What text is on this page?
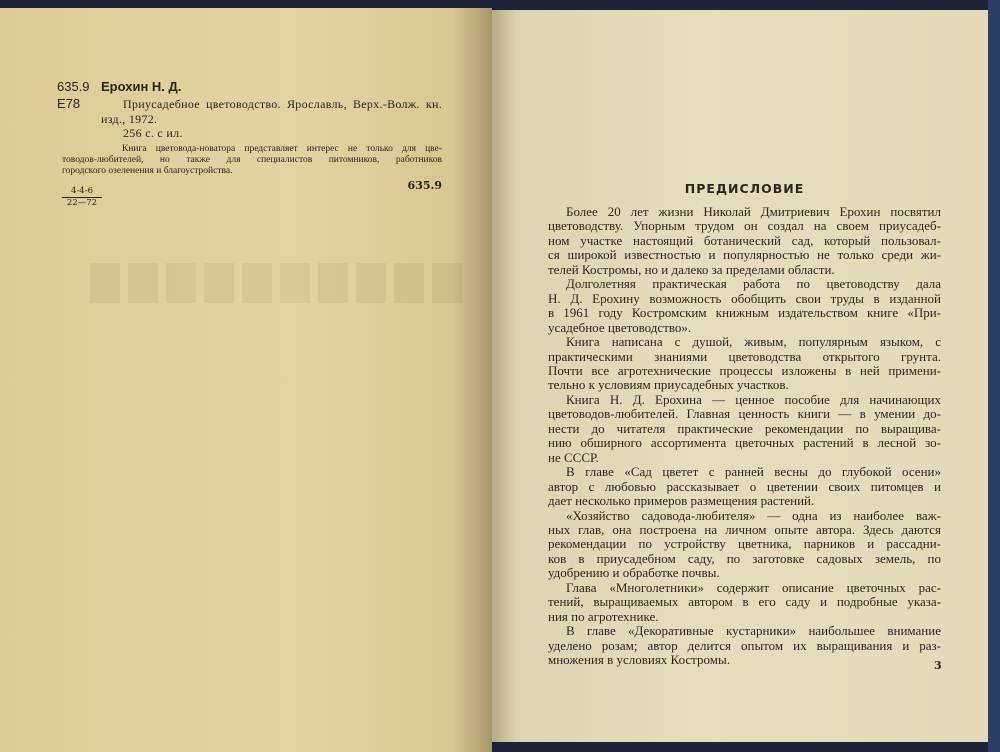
635.9 Ерохин Н. Д.
Е78	Приусадебное цветоводство. Ярославль, Верх.-Волж. кн.
изд., 1972.
256 с. с ил.
Книга цветовода-новатора представляет интерес не только для цве-
товодов-любителей, но также для специалистов питомников, работников
городского озеленения и благоустройства.
635.9
$\frac{4-4-6}{22—72}$	ПРЕДИСЛОВИЕ
Более 20 лет жизни Николай Дмитриевич Ерохин посвятил
цветоводству. Упорным трудом он создал на своем приусадеб-
ном участке настоящий ботанический сад, который пользовал-
ся широкой известностью и популярностью не только среди жи-
телей Костромы, но и далеко за пределами области.
Долголетняя практическая работа по цветоводству дала
Н. Д. Ерохину возможность обобщить свои труды в изданной
в 1961 году Костромским книжным издательством книге «При-
усадебное цветоводство».
Книга написана с душой, живым, популярным языком, с
практическими знаниями цветоводства открытого грунта.
Почти все агротехнические процессы изложены в ней примени-
тельно к условиям приусадебных участков.
Книга Н. Д. Ерохина — ценное пособие для начинающих
цветоводов-любителей. Главная ценность книги — в умении до-
нести до читателя практические рекомендации по выращива-
нию обширного ассортимента цветочных растений в лесной зо-
не СССР.
В главе «Сад цветет с ранней весны до глубокой осени»
автор с любовью рассказывает о цветении своих питомцев и
дает несколько примеров размещения растений.
«Хозяйство садовода-любителя» — одна из наиболее важ-
ных глав, она построена на личном опыте автора. Здесь даются
рекомендации по устройству цветника, парников и рассадни-
ков в приусадебном саду, по заготовке садовых земель, по
удобрению и обработке почвы.
Глава «Многолетники» содержит описание цветочных рас-
тений, выращиваемых автором в его саду и подробные указа-
ния по агротехнике.
В главе «Декоративные кустарники» наибольшее внимание
уделено розам; автор делится опытом их выращивания и раз-
множения в условиях Костромы.	3
